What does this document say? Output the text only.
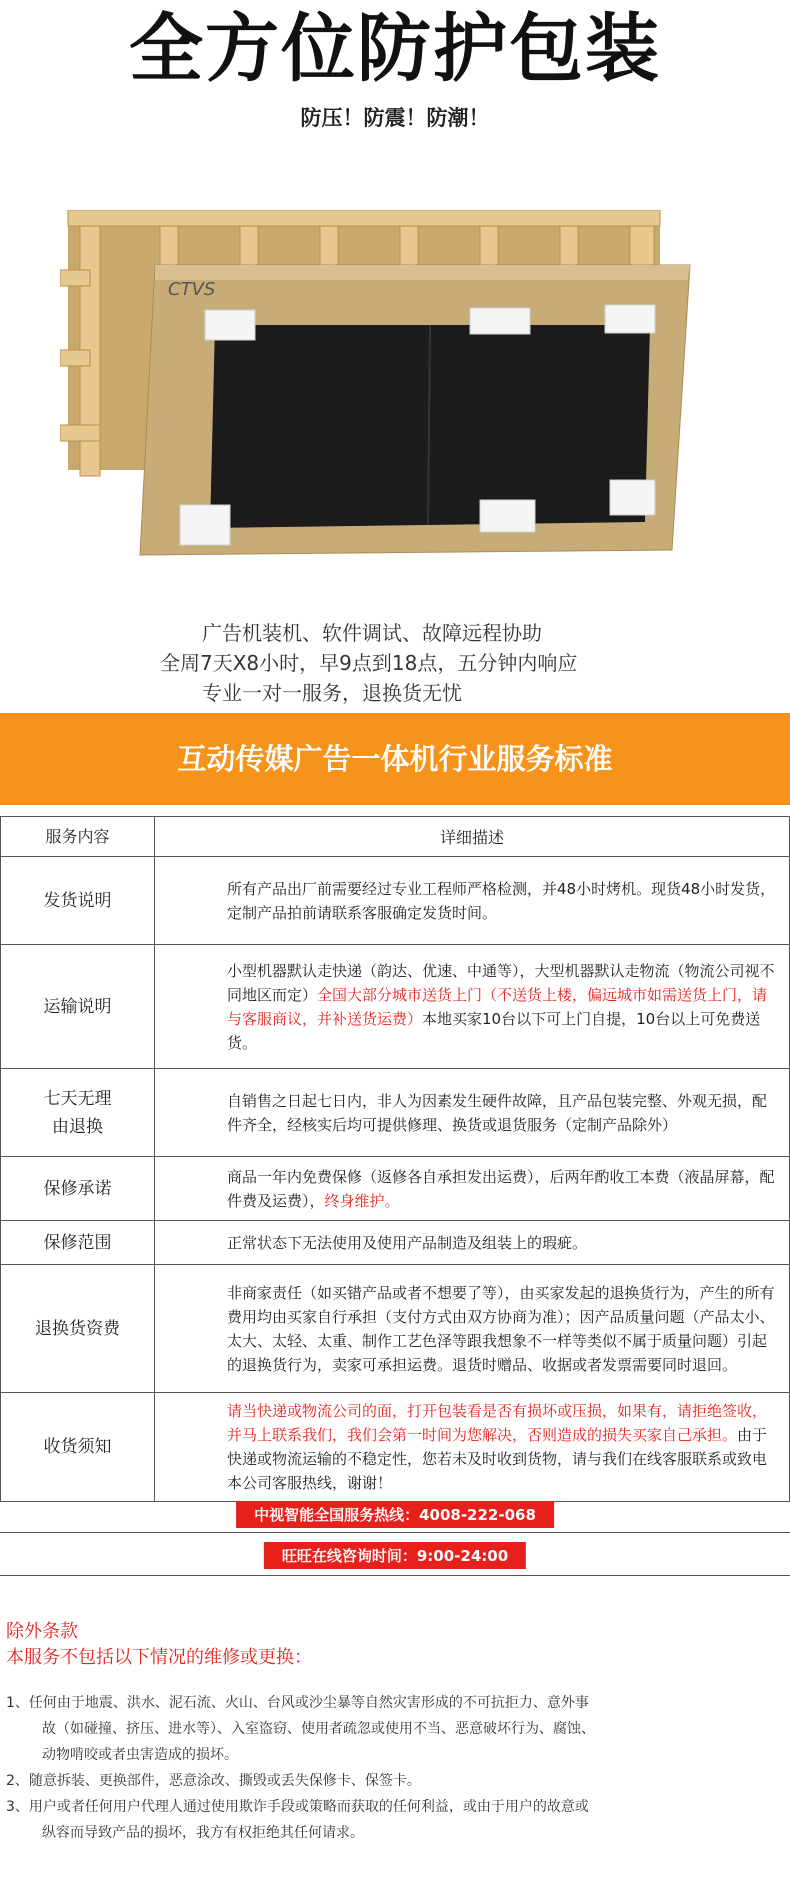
全方位防护包装
防压！防震！防潮！
CTVS
广告机装机、软件调试、故障远程协助
全周7天X8小时，早9点到18点，五分钟内响应
专业一对一服务，退换货无忧
互动传媒广告一体机行业服务标准
服务内容	详细描述
发货说明	所有产品出厂前需要经过专业工程师严格检测，并48小时烤机。现货48小时发货，定制产品拍前请联系客服确定发货时间。
运输说明	小型机器默认走快递（韵达、优速、中通等），大型机器默认走物流（物流公司视不同地区而定）全国大部分城市送货上门（不送货上楼，偏远城市如需送货上门，请与客服商议，并补送货运费）本地买家10台以下可上门自提，10台以上可免费送货。
七天无理由退换	自销售之日起七日内，非人为因素发生硬件故障，且产品包装完整、外观无损，配件齐全，经核实后均可提供修理、换货或退货服务（定制产品除外）
保修承诺	商品一年内免费保修（返修各自承担发出运费），后两年酌收工本费（液晶屏幕，配件费及运费），终身维护。
保修范围	正常状态下无法使用及使用产品制造及组装上的瑕疵。
退换货资费	非商家责任（如买错产品或者不想要了等），由买家发起的退换货行为，产生的所有费用均由买家自行承担（支付方式由双方协商为准）；因产品质量问题（产品太小、太大、太轻、太重、制作工艺色泽等跟我想象不一样等类似不属于质量问题）引起的退换货行为，卖家可承担运费。退货时赠品、收据或者发票需要同时退回。
收货须知	请当快递或物流公司的面，打开包装看是否有损坏或压损，如果有，请拒绝签收，并马上联系我们，我们会第一时间为您解决，否则造成的损失买家自己承担。由于快递或物流运输的不稳定性，您若未及时收到货物，请与我们在线客服联系或致电本公司客服热线，谢谢！
中视智能全国服务热线：4008-222-068
旺旺在线咨询时间：9:00-24:00
除外条款
本服务不包括以下情况的维修或更换：
1、任何由于地震、洪水、泥石流、火山、台风或沙尘暴等自然灾害形成的不可抗拒力、意外事
故（如碰撞、挤压、进水等）、入室盗窃、使用者疏忽或使用不当、恶意破坏行为、腐蚀、
动物啃咬或者虫害造成的损坏。
2、随意拆装、更换部件，恶意涂改、撕毁或丢失保修卡、保签卡。
3、用户或者任何用户代理人通过使用欺诈手段或策略而获取的任何利益，或由于用户的故意或
纵容而导致产品的损坏，我方有权拒绝其任何请求。
